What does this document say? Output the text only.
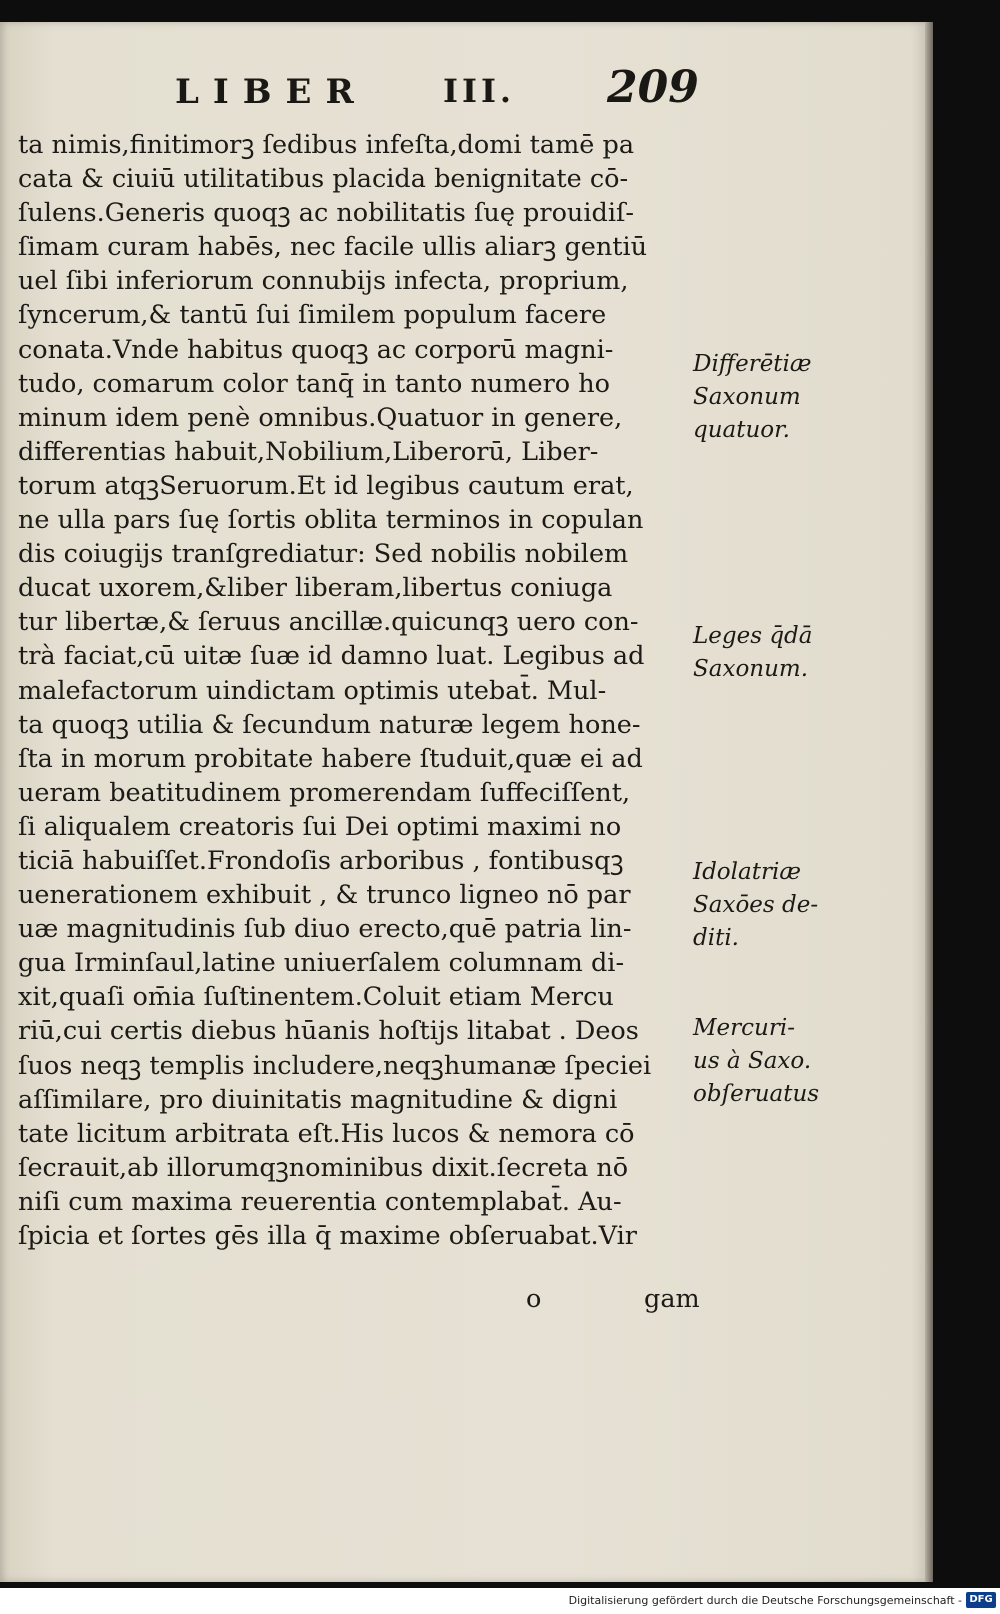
LIBER III. 209
ta nimis,finitimorꝫ ſedibus infeſta,domi tamē pa
cata & ciuiū utilitatibus placida benignitate cō-
ſulens.Generis quoqꝫ ac nobilitatis ſuę prouidiſ-
ſimam curam habēs, nec facile ullis aliarꝫ gentiū
uel ſibi inferiorum connubijs infecta, proprium,
ſyncerum,& tantū ſui ſimilem populum facere
conata.Vnde habitus quoqꝫ ac corporū magni-
tudo, comarum color tanq̄ in tanto numero ho
minum idem penè omnibus.Quatuor in genere,
differentias habuit,Nobilium,Liberorū, Liber-
torum atqꝫSeruorum.Et id legibus cautum erat,
ne ulla pars ſuę ſortis oblita terminos in copulan
dis coiugijs tranſgrediatur: Sed nobilis nobilem
ducat uxorem,&liber liberam,libertus coniuga
tur libertæ,& ſeruus ancillæ.quicunqꝫ uero con-
trà faciat,cū uitæ ſuæ id damno luat. Legibus ad
malefactorum uindictam optimis utebat̄. Mul-
ta quoqꝫ utilia & ſecundum naturæ legem hone-
ſta in morum probitate habere ſtuduit,quæ ei ad
ueram beatitudinem promerendam ſuffeciſſent,
ſi aliqualem creatoris ſui Dei optimi maximi no
ticiā habuiſſet.Frondoſis arboribus , fontibusqꝫ
uenerationem exhibuit , & trunco ligneo nō par
uæ magnitudinis ſub diuo erecto,quē patria lin-
gua Irminſaul,latine uniuerſalem columnam di-
xit,quaſi om̄ia ſuſtinentem.Coluit etiam Mercu
riū,cui certis diebus hūanis hoſtijs litabat . Deos
ſuos neqꝫ templis includere,neqꝫhumanæ ſpeciei
aſſimilare, pro diuinitatis magnitudine & digni
tate licitum arbitrata eſt.His lucos & nemora cō
ſecrauit,ab illorumqꝫnominibus dixit.ſecreta nō
niſi cum maxima reuerentia contemplabat̄. Au-
ſpicia et ſortes gēs illa q̄ maxime obſeruabat.Vir
o	gam
Differētiæ
Saxonum
quatuor.
Leges q̄dā
Saxonum.
Idolatriæ
Saxōes de-
diti.
Mercuri-
us à Saxo.
obſeruatus
Digitalisierung gefördert durch die Deutsche Forschungsgemeinschaft - DFG
